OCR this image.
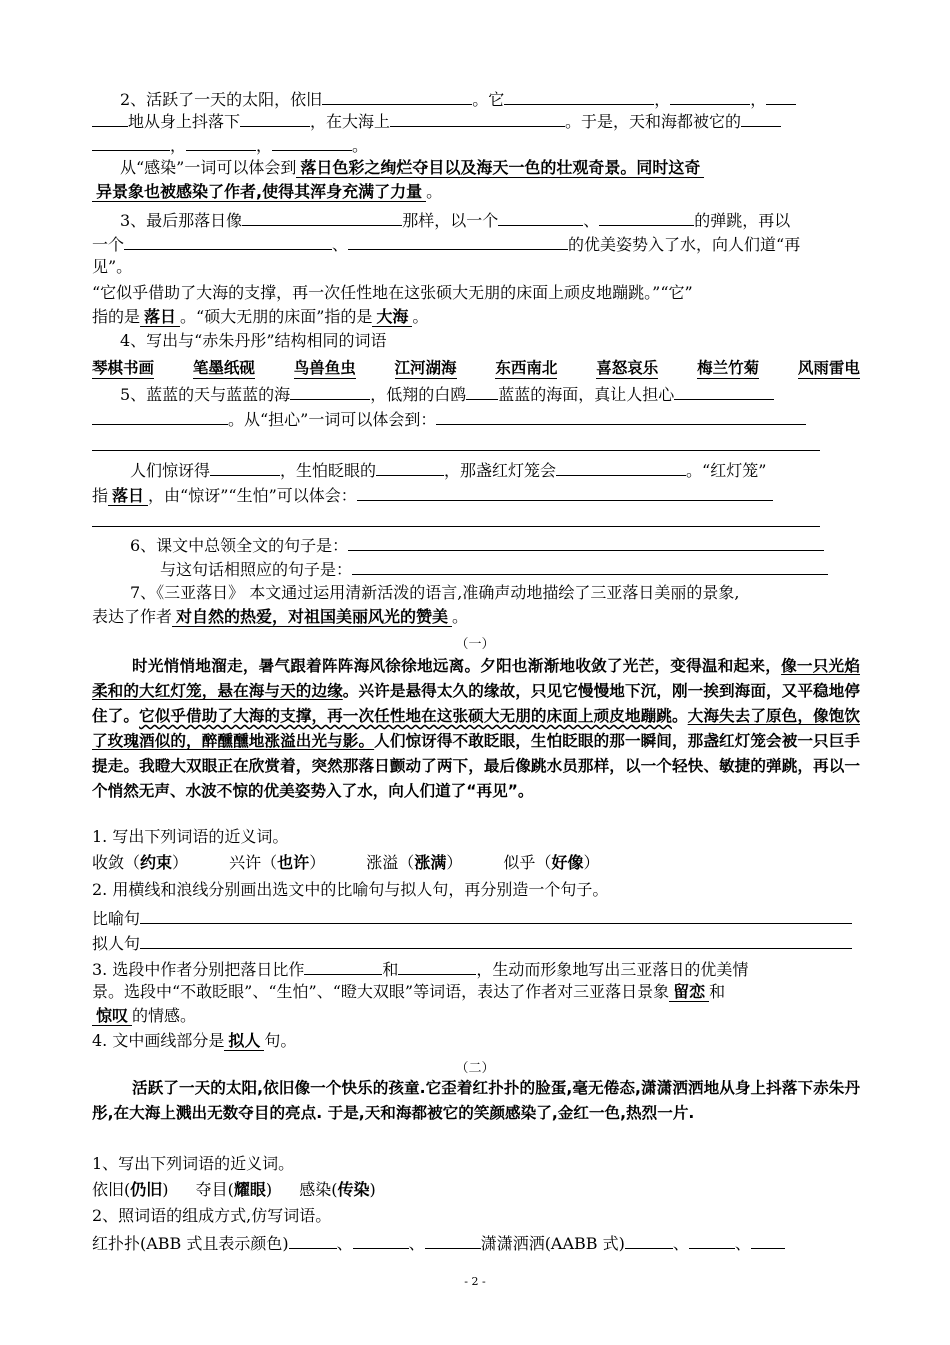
2、活跃了一天的太阳，依旧	。它	，	，
地从身上抖落下	，在大海上	。于是，天和海都被它的
，	，	。
从“感染”一词可以体会到 落日色彩之绚烂夺目以及海天一色的壮观奇景。同时这奇
异景象也被感染了作者,使得其浑身充满了力量 。
3、最后那落日像	那样，以一个	、	的弹跳，再以
一个	、	的优美姿势入了水，向人们道“再
见”。
“它似乎借助了大海的支撑，再一次任性地在这张硕大无朋的床面上顽皮地蹦跳。”“它”
指的是 落日 。“硕大无朋的床面”指的是 大海 。
4、写出与“赤朱丹彤”结构相同的词语
琴棋书画	笔墨纸砚	鸟兽鱼虫	江河湖海	东西南北	喜怒哀乐	梅兰竹菊	风雨雷电
5、蓝蓝的天与蓝蓝的海	，低翔的白鸥 蓝蓝的海面，真让人担心
。从“担心”一词可以体会到：
人们惊讶得	，生怕眨眼的	，那盏红灯笼会	。“红灯笼”
指 落日 ，由“惊讶”“生怕”可以体会：
6、课文中总领全文的句子是：
与这句话相照应的句子是：
7、《三亚落日》 本文通过运用清新活泼的语言,准确声动地描绘了三亚落日美丽的景象,
表达了作者 对自然的热爱，对祖国美丽风光的赞美 。
（一）
时光悄悄地溜走，暑气跟着阵阵海风徐徐地远离。夕阳也渐渐地收敛了光芒，变得温和起来，像一只光焰柔和的大红灯笼，悬在海与天的边缘。兴许是悬得太久的缘故，只见它慢慢地下沉，刚一挨到海面，又平稳地停住了。它似乎借助了大海的支撑，再一次任性地在这张硕大无朋的床面上顽皮地蹦跳。大海失去了原色，像饱饮了玫瑰酒似的，醉醺醺地涨溢出光与影。人们惊讶得不敢眨眼，生怕眨眼的那一瞬间，那盏红灯笼会被一只巨手提走。我瞪大双眼正在欣赏着，突然那落日颤动了两下，最后像跳水员那样，以一个轻快、敏捷的弹跳，再以一个悄然无声、水波不惊的优美姿势入了水，向人们道了“再见”。
1. 写出下列词语的近义词。
收敛（约束） 兴许（也许） 涨溢（涨满） 似乎（好像）
2. 用横线和浪线分别画出选文中的比喻句与拟人句，再分别造一个句子。
比喻句
拟人句
3. 选段中作者分别把落日比作	和	，生动而形象地写出三亚落日的优美情
景。选段中“不敢眨眼”、“生怕”、“瞪大双眼”等词语，表达了作者对三亚落日景象 留恋 和
惊叹 的情感。
4. 文中画线部分是 拟人 句。
（二）
活跃了一天的太阳,依旧像一个快乐的孩童.它歪着红扑扑的脸蛋,毫无倦态,潇潇洒洒地从身上抖落下赤朱丹彤,在大海上溅出无数夺目的亮点. 于是,天和海都被它的笑颜感染了,金红一色,热烈一片.
1、写出下列词语的近义词。
依旧(仍旧) 夺目(耀眼) 感染(传染)
2、照词语的组成方式,仿写词语。
红扑扑(ABB 式且表示颜色)	、	、	潇潇洒洒(AABB 式)	、	、
- 2 -
